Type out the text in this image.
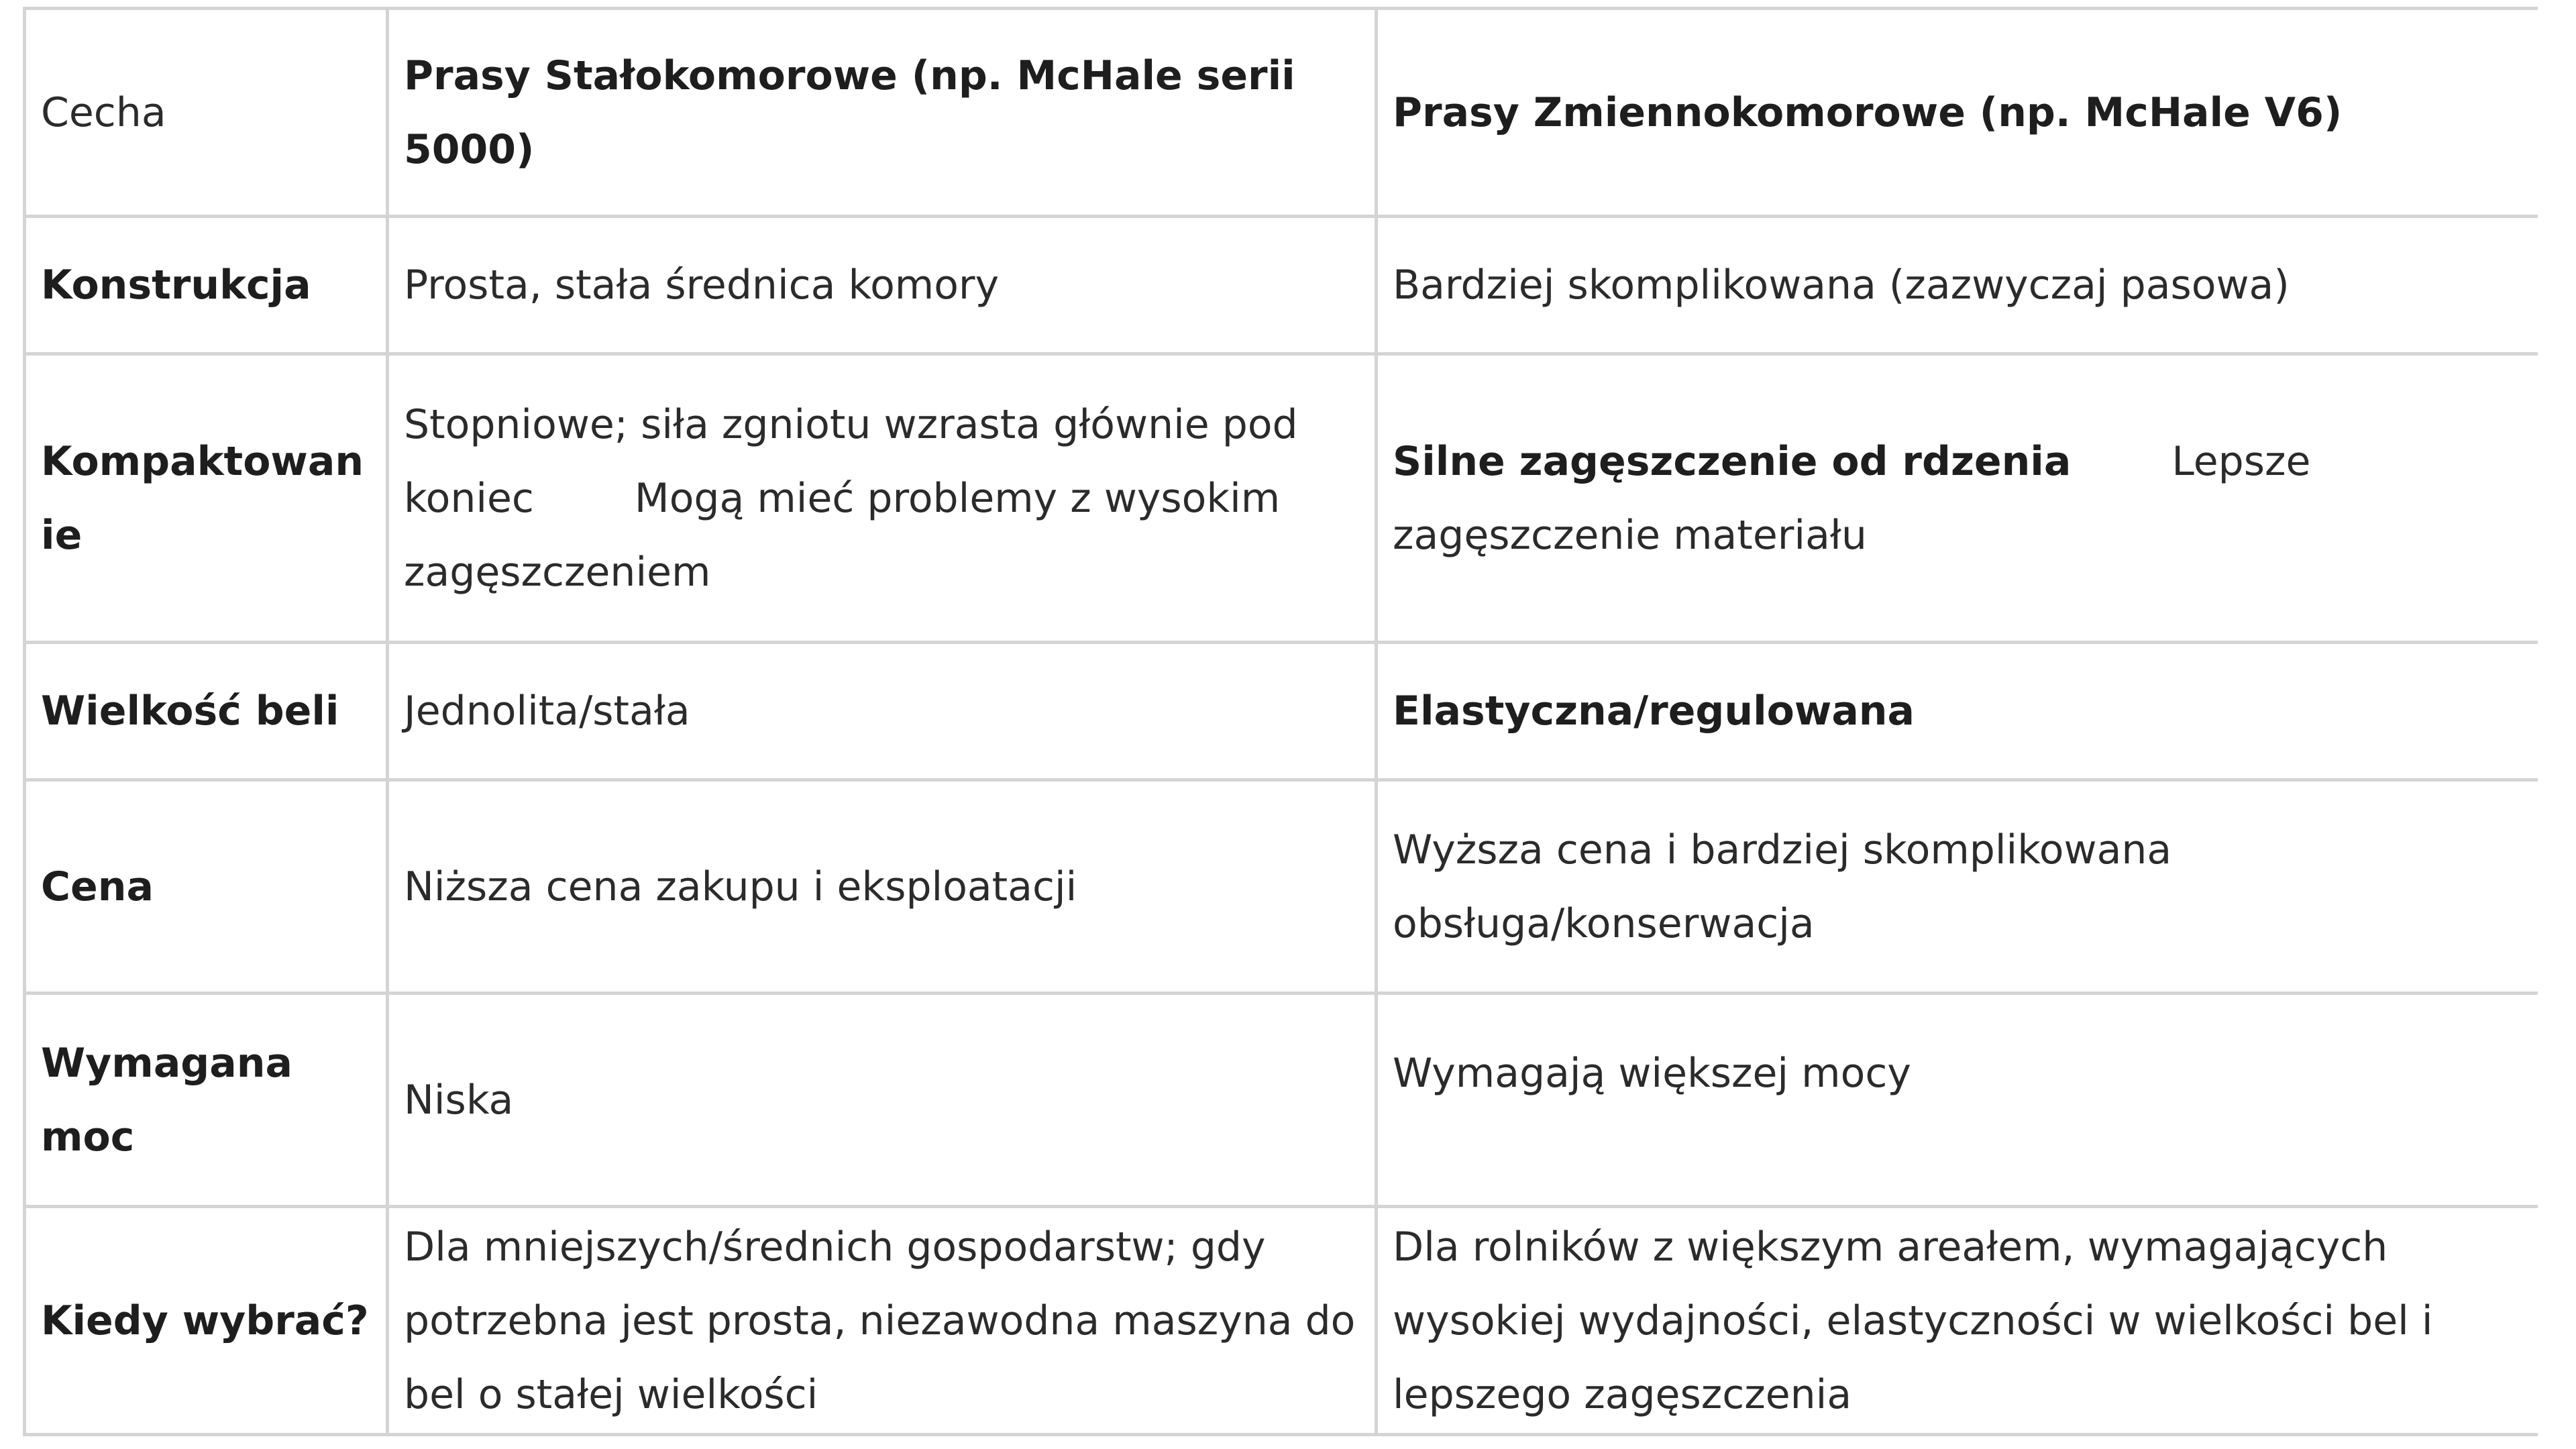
Cecha	Prasy Stałokomorowe (np. McHale serii 5000)	Prasy Zmiennokomorowe (np. McHale V6)
Konstrukcja	Prosta, stała średnica komory	Bardziej skomplikowana (zazwyczaj pasowa)
Kompaktowanie	Stopniowe; siła zgniotu wzrasta głównie pod koniec Mogą mieć problemy z wysokim zagęszczeniem	Silne zagęszczenie od rdzenia Lepsze zagęszczenie materiału
Wielkość beli	Jednolita/stała	Elastyczna/regulowana
Cena	Niższa cena zakupu i eksploatacji	Wyższa cena i bardziej skomplikowana obsługa/konserwacja
Wymagana moc	Niska	Wymagają większej mocy
Kiedy wybrać?	Dla mniejszych/średnich gospodarstw; gdy potrzebna jest prosta, niezawodna maszyna do bel o stałej wielkości	Dla rolników z większym areałem, wymagających wysokiej wydajności, elastyczności w wielkości bel i lepszego zagęszczenia
